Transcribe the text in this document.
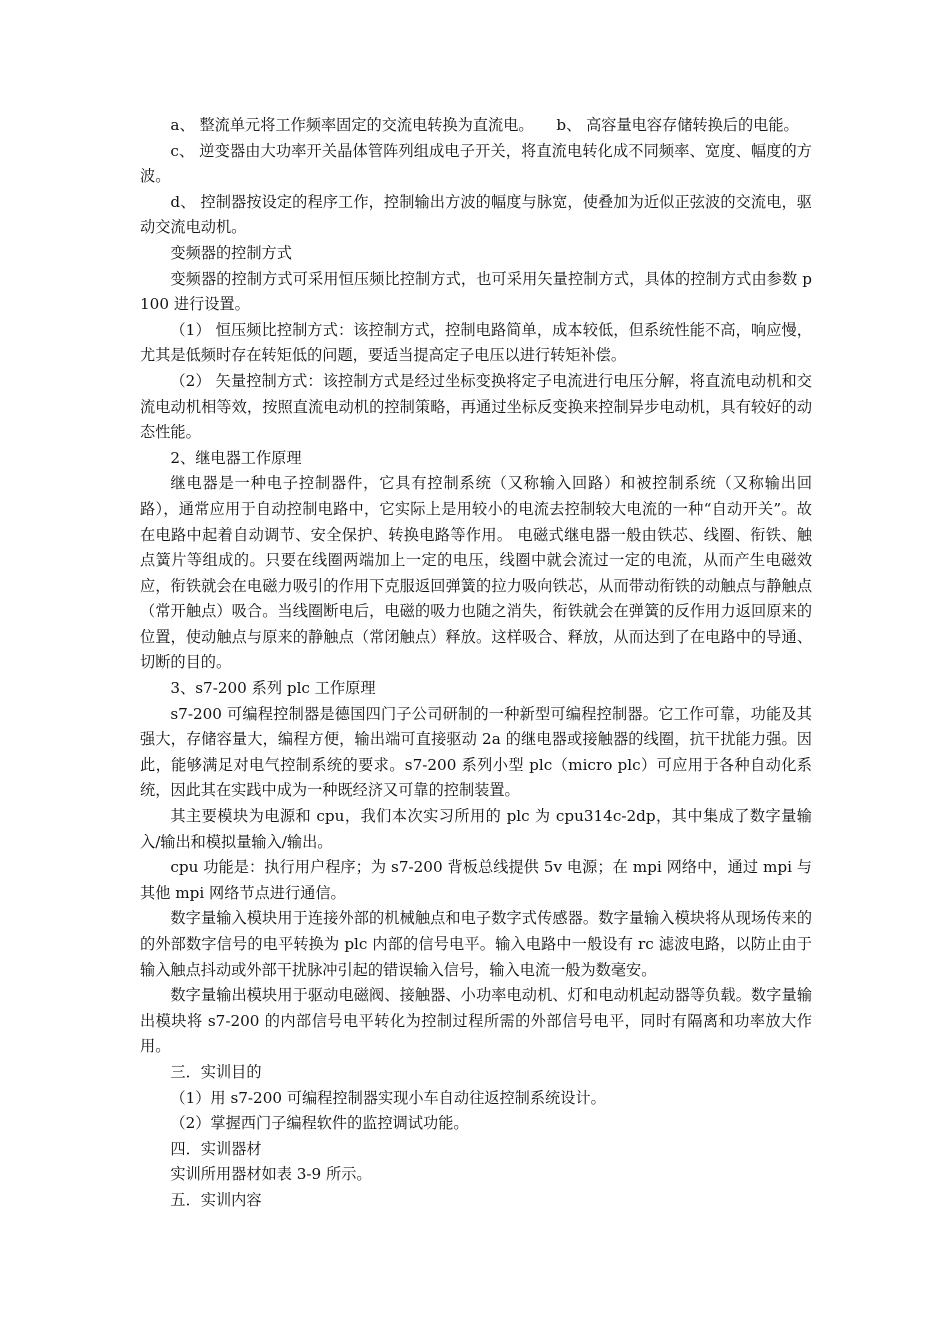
a、 整流单元将工作频率固定的交流电转换为直流电。　　b、 高容量电容存储转换后的电能。

c、 逆变器由大功率开关晶体管阵列组成电子开关，将直流电转化成不同频率、宽度、幅度的方波。

d、 控制器按设定的程序工作，控制输出方波的幅度与脉宽，使叠加为近似正弦波的交流电，驱动交流电动机。

变频器的控制方式

变频器的控制方式可采用恒压频比控制方式，也可采用矢量控制方式，具体的控制方式由参数 p100 进行设置。

（1） 恒压频比控制方式：该控制方式，控制电路简单，成本较低，但系统性能不高，响应慢，尤其是低频时存在转矩低的问题，要适当提高定子电压以进行转矩补偿。

（2） 矢量控制方式：该控制方式是经过坐标变换将定子电流进行电压分解，将直流电动机和交流电动机相等效，按照直流电动机的控制策略，再通过坐标反变换来控制异步电动机，具有较好的动态性能。

2、继电器工作原理

继电器是一种电子控制器件，它具有控制系统（又称输入回路）和被控制系统（又称输出回路），通常应用于自动控制电路中，它实际上是用较小的电流去控制较大电流的一种“自动开关”。故在电路中起着自动调节、安全保护、转换电路等作用。 电磁式继电器一般由铁芯、线圈、衔铁、触点簧片等组成的。只要在线圈两端加上一定的电压，线圈中就会流过一定的电流，从而产生电磁效应，衔铁就会在电磁力吸引的作用下克服返回弹簧的拉力吸向铁芯，从而带动衔铁的动触点与静触点（常开触点）吸合。当线圈断电后，电磁的吸力也随之消失，衔铁就会在弹簧的反作用力返回原来的位置，使动触点与原来的静触点（常闭触点）释放。这样吸合、释放，从而达到了在电路中的导通、切断的目的。

3、s7-200 系列 plc 工作原理

s7-200 可编程控制器是德国四门子公司研制的一种新型可编程控制器。它工作可靠，功能及其强大，存储容量大，编程方便，输出端可直接驱动 2a 的继电器或接触器的线圈，抗干扰能力强。因此，能够满足对电气控制系统的要求。s7-200 系列小型 plc（micro plc）可应用于各种自动化系统，因此其在实践中成为一种既经济又可靠的控制装置。

其主要模块为电源和 cpu，我们本次实习所用的 plc 为 cpu314c-2dp，其中集成了数字量输入/输出和模拟量输入/输出。

cpu 功能是：执行用户程序；为 s7-200 背板总线提供 5v 电源；在 mpi 网络中，通过 mpi 与其他 mpi 网络节点进行通信。

数字量输入模块用于连接外部的机械触点和电子数字式传感器。数字量输入模块将从现场传来的的外部数字信号的电平转换为 plc 内部的信号电平。输入电路中一般设有 rc 滤波电路，以防止由于输入触点抖动或外部干扰脉冲引起的错误输入信号，输入电流一般为数毫安。

数字量输出模块用于驱动电磁阀、接触器、小功率电动机、灯和电动机起动器等负载。数字量输出模块将 s7-200 的内部信号电平转化为控制过程所需的外部信号电平，同时有隔离和功率放大作用。

三．实训目的

（1）用 s7-200 可编程控制器实现小车自动往返控制系统设计。

（2）掌握西门子编程软件的监控调试功能。

四．实训器材

实训所用器材如表 3-9 所示。

五．实训内容
